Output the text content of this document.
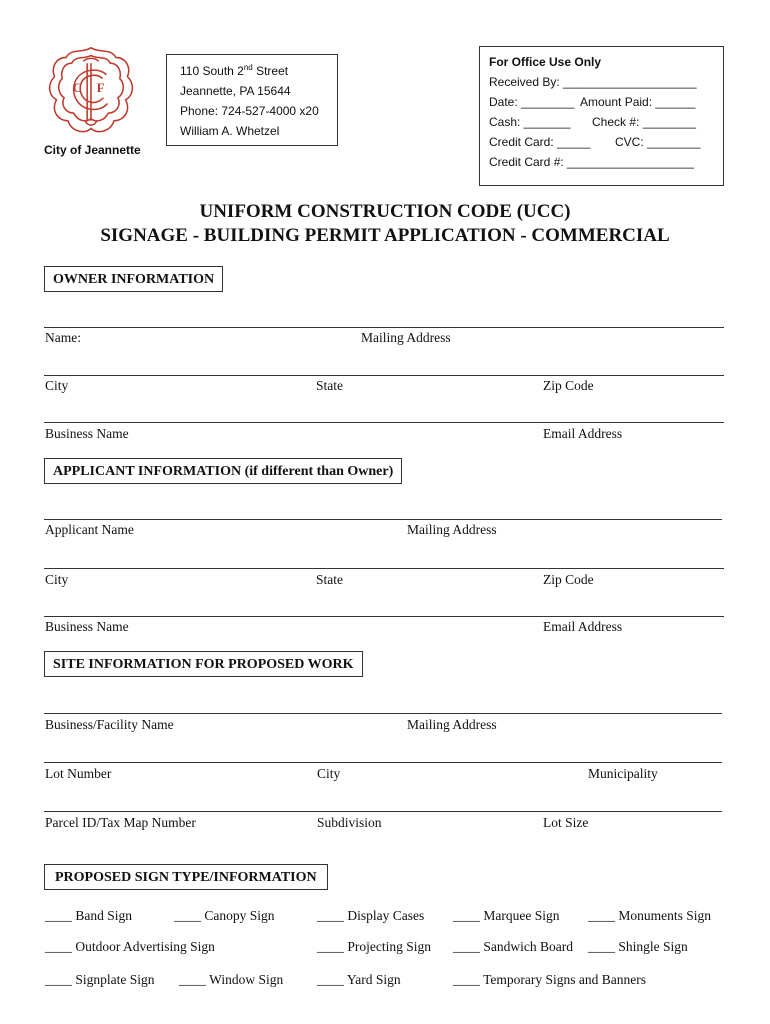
C F
City of Jeannette
110 South 2nd Street
Jeannette, PA 15644
Phone: 724-527-4000 x20
William A. Whetzel
For Office Use Only
Received By: ____________________
Date: ________ Amount Paid: ______
Cash: _______ Check #: ________
Credit Card: _____ CVC: ________
Credit Card #: ___________________
UNIFORM CONSTRUCTION CODE (UCC)
SIGNAGE - BUILDING PERMIT APPLICATION - COMMERCIAL
OWNER INFORMATION
Name:	Mailing Address
City	State	Zip Code
Business Name	Email Address
APPLICANT INFORMATION (if different than Owner)
Applicant Name	Mailing Address
City	State	Zip Code
Business Name	Email Address
SITE INFORMATION FOR PROPOSED WORK
Business/Facility Name	Mailing Address
Lot Number	City	Municipality
Parcel ID/Tax Map Number	Subdivision	Lot Size
PROPOSED SIGN TYPE/INFORMATION
____ Band Sign	____ Canopy Sign	____ Display Cases ____ Marquee Sign ____ Monuments Sign
____ Outdoor Advertising Sign	____ Projecting Sign ____ Sandwich Board ____ Shingle Sign
____ Signplate Sign ____ Window Sign	____ Yard Sign	____ Temporary Signs and Banners
